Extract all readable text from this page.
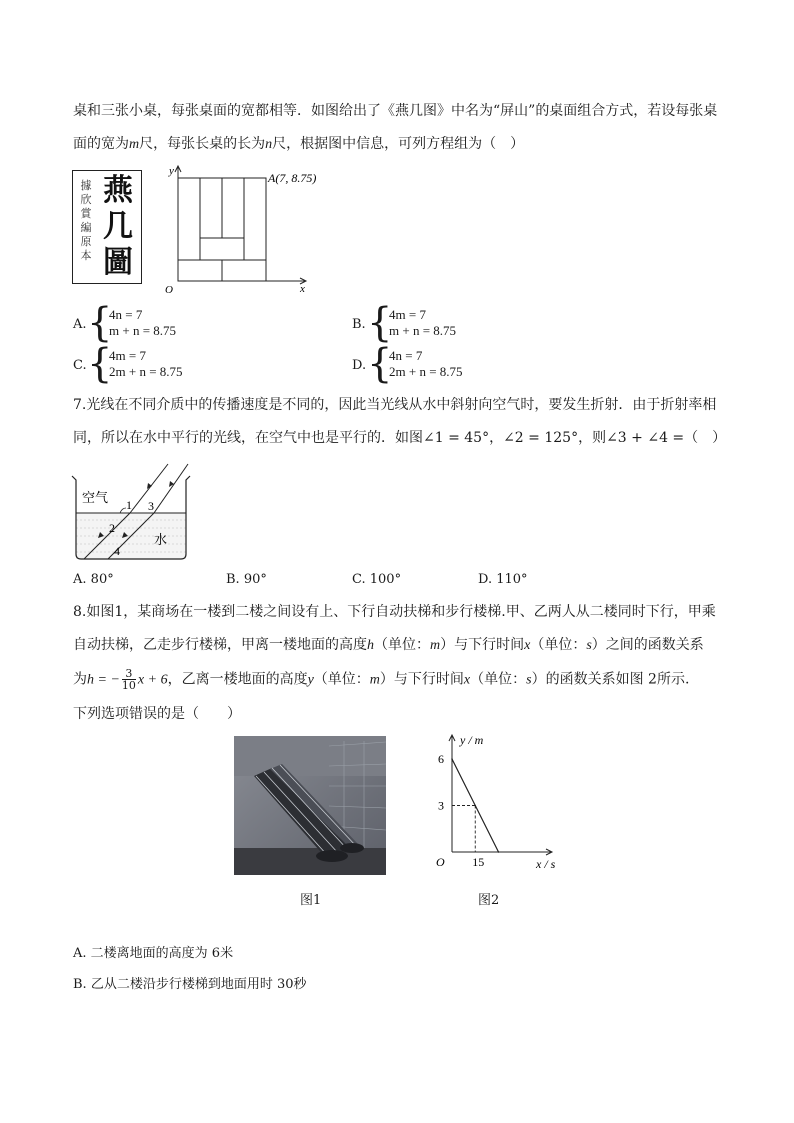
桌和三张小桌，每张桌面的宽都相等．如图给出了《燕几图》中名为“屏山”的桌面组合方式，若设每张桌
面的宽为m尺，每张长桌的长为n尺，根据图中信息，可列方程组为（　）
據
欣
賞
編
原
本
燕
几
圖
y
x
O
A(7, 8.75)
A. {
4n = 7
m + n = 8.75	B. {
4m = 7
m + n = 8.75
C. {
4m = 7
2m + n = 8.75	D. {
4n = 7
2m + n = 8.75
7.光线在不同介质中的传播速度是不同的，因此当光线从水中斜射向空气时，要发生折射．由于折射率相
同，所以在水中平行的光线，在空气中也是平行的．如图∠1 = 45°，∠2 = 125°，则∠3 + ∠4 =（　）
空气
水
1
2
3
4
A. 80°	B. 90°	C. 100°	D. 110°
8.如图1，某商场在一楼到二楼之间设有上、下行自动扶梯和步行楼梯.甲、乙两人从二楼同时下行，甲乘
自动扶梯，乙走步行楼梯，甲离一楼地面的高度h（单位：m）与下行时间x（单位：s）之间的函数关系
为h = − $\frac{3}{10}$ x + 6，乙离一楼地面的高度y（单位：m）与下行时间x（单位：s）的函数关系如图 2所示.
下列选项错误的是（　　）
图1
y / m
x / s
O
6
3
15
图2
A. 二楼离地面的高度为 6米
B. 乙从二楼沿步行楼梯到地面用时 30秒
